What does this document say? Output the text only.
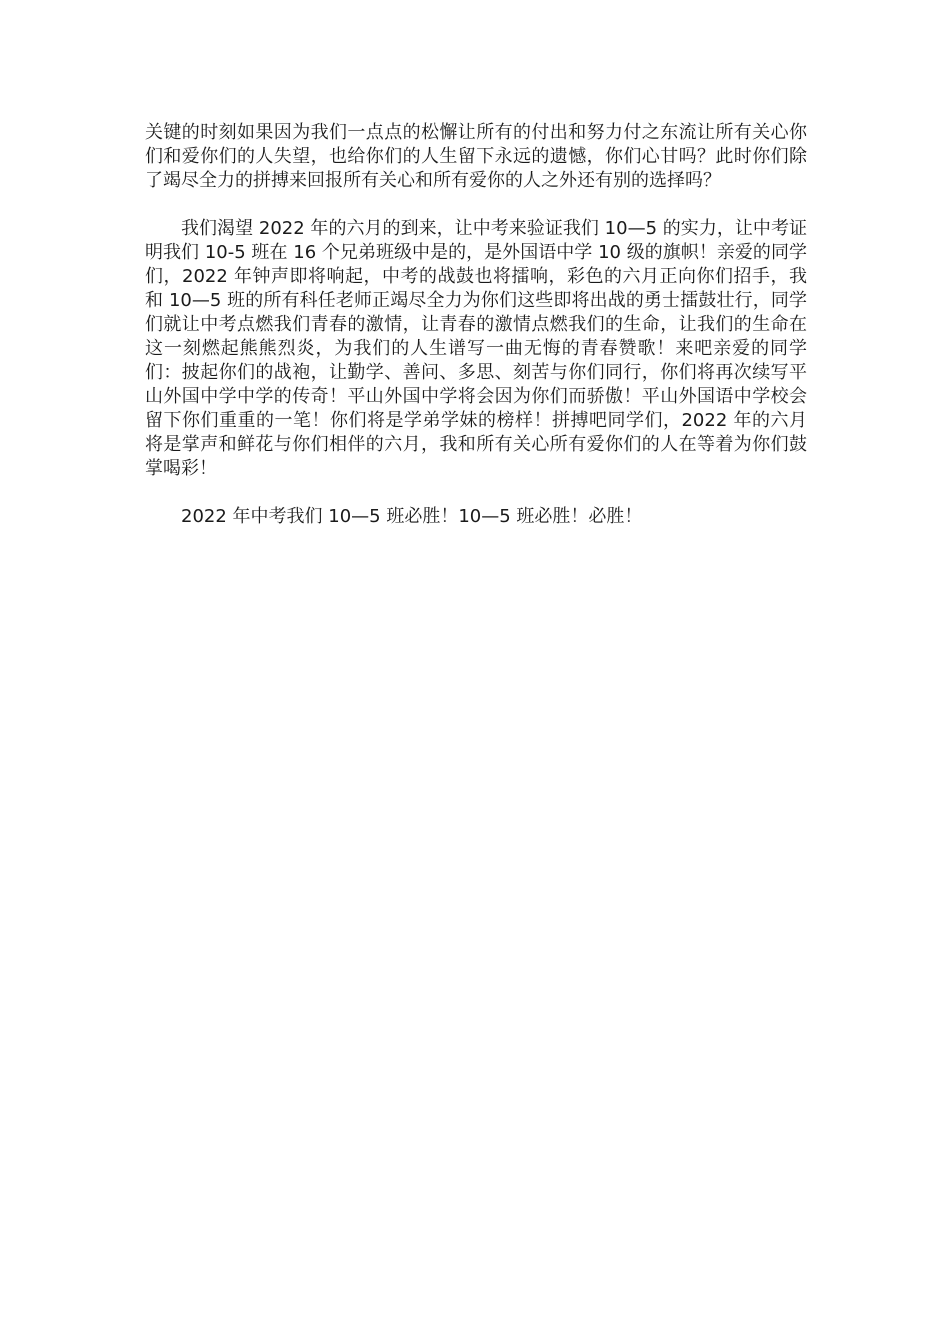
关键的时刻如果因为我们一点点的松懈让所有的付出和努力付之东流让所有关心你们和爱你们的人失望，也给你们的人生留下永远的遗憾，你们心甘吗？此时你们除了竭尽全力的拼搏来回报所有关心和所有爱你的人之外还有别的选择吗？

我们渴望 2022 年的六月的到来，让中考来验证我们 10—5 的实力，让中考证明我们 10-5 班在 16 个兄弟班级中是的，是外国语中学 10 级的旗帜！亲爱的同学们，2022 年钟声即将响起，中考的战鼓也将擂响，彩色的六月正向你们招手，我和 10—5 班的所有科任老师正竭尽全力为你们这些即将出战的勇士擂鼓壮行，同学们就让中考点燃我们青春的激情，让青春的激情点燃我们的生命，让我们的生命在这一刻燃起熊熊烈炎，为我们的人生谱写一曲无悔的青春赞歌！来吧亲爱的同学们：披起你们的战袍，让勤学、善问、多思、刻苦与你们同行，你们将再次续写平山外国中学中学的传奇！平山外国中学将会因为你们而骄傲！平山外国语中学校会留下你们重重的一笔！你们将是学弟学妹的榜样！拼搏吧同学们，2022 年的六月将是掌声和鲜花与你们相伴的六月，我和所有关心所有爱你们的人在等着为你们鼓掌喝彩！

2022 年中考我们 10—5 班必胜！10—5 班必胜！必胜！
